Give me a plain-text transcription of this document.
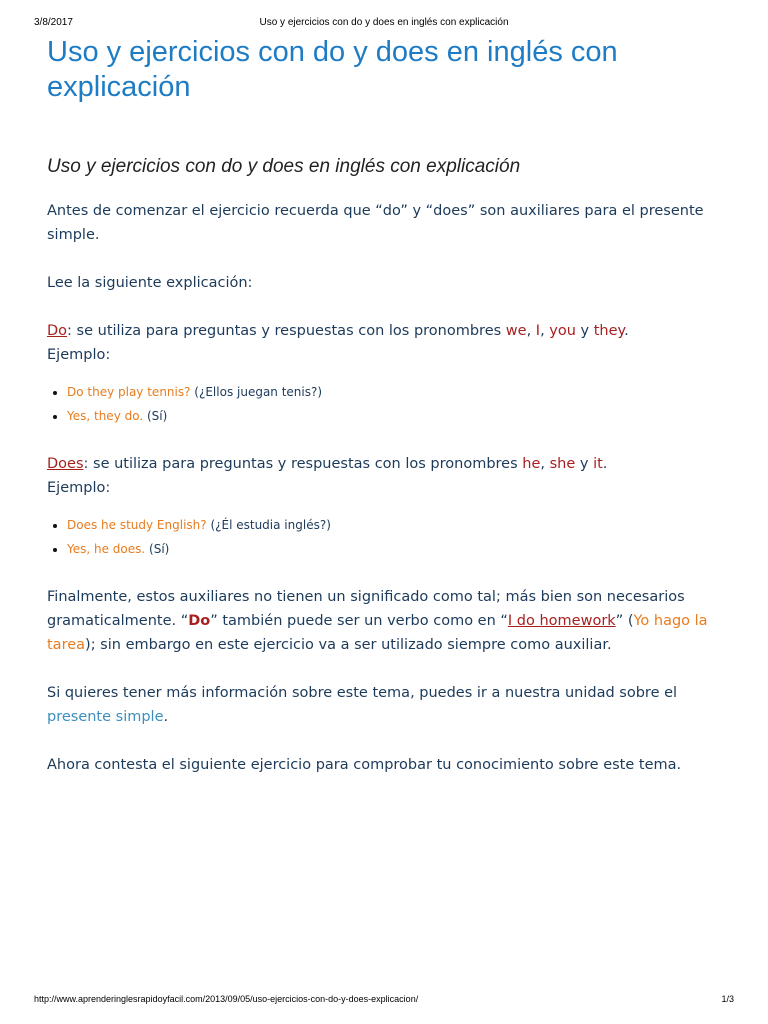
3/8/2017	Uso y ejercicios con do y does en inglés con explicación
Uso y ejercicios con do y does en inglés con explicación
Uso y ejercicios con do y does en inglés con explicación

Antes de comenzar el ejercicio recuerda que “do” y “does” son auxiliares para el presente simple.

Lee la siguiente explicación:

Do: se utiliza para preguntas y respuestas con los pronombres we, I, you y they.
Ejemplo:

• Do they play tennis? (¿Ellos juegan tenis?)
• Yes, they do. (Sí)

Does: se utiliza para preguntas y respuestas con los pronombres he, she y it.
Ejemplo:

• Does he study English? (¿Él estudia inglés?)
• Yes, he does. (Sí)

Finalmente, estos auxiliares no tienen un significado como tal; más bien son necesarios gramaticalmente. “Do” también puede ser un verbo como en “I do homework” (Yo hago la tarea); sin embargo en este ejercicio va a ser utilizado siempre como auxiliar.

Si quieres tener más información sobre este tema, puedes ir a nuestra unidad sobre el presente simple.

Ahora contesta el siguiente ejercicio para comprobar tu conocimiento sobre este tema.

http://www.aprenderinglesrapidoyfacil.com/2013/09/05/uso-ejercicios-con-do-y-does-explicacion/	1/3
